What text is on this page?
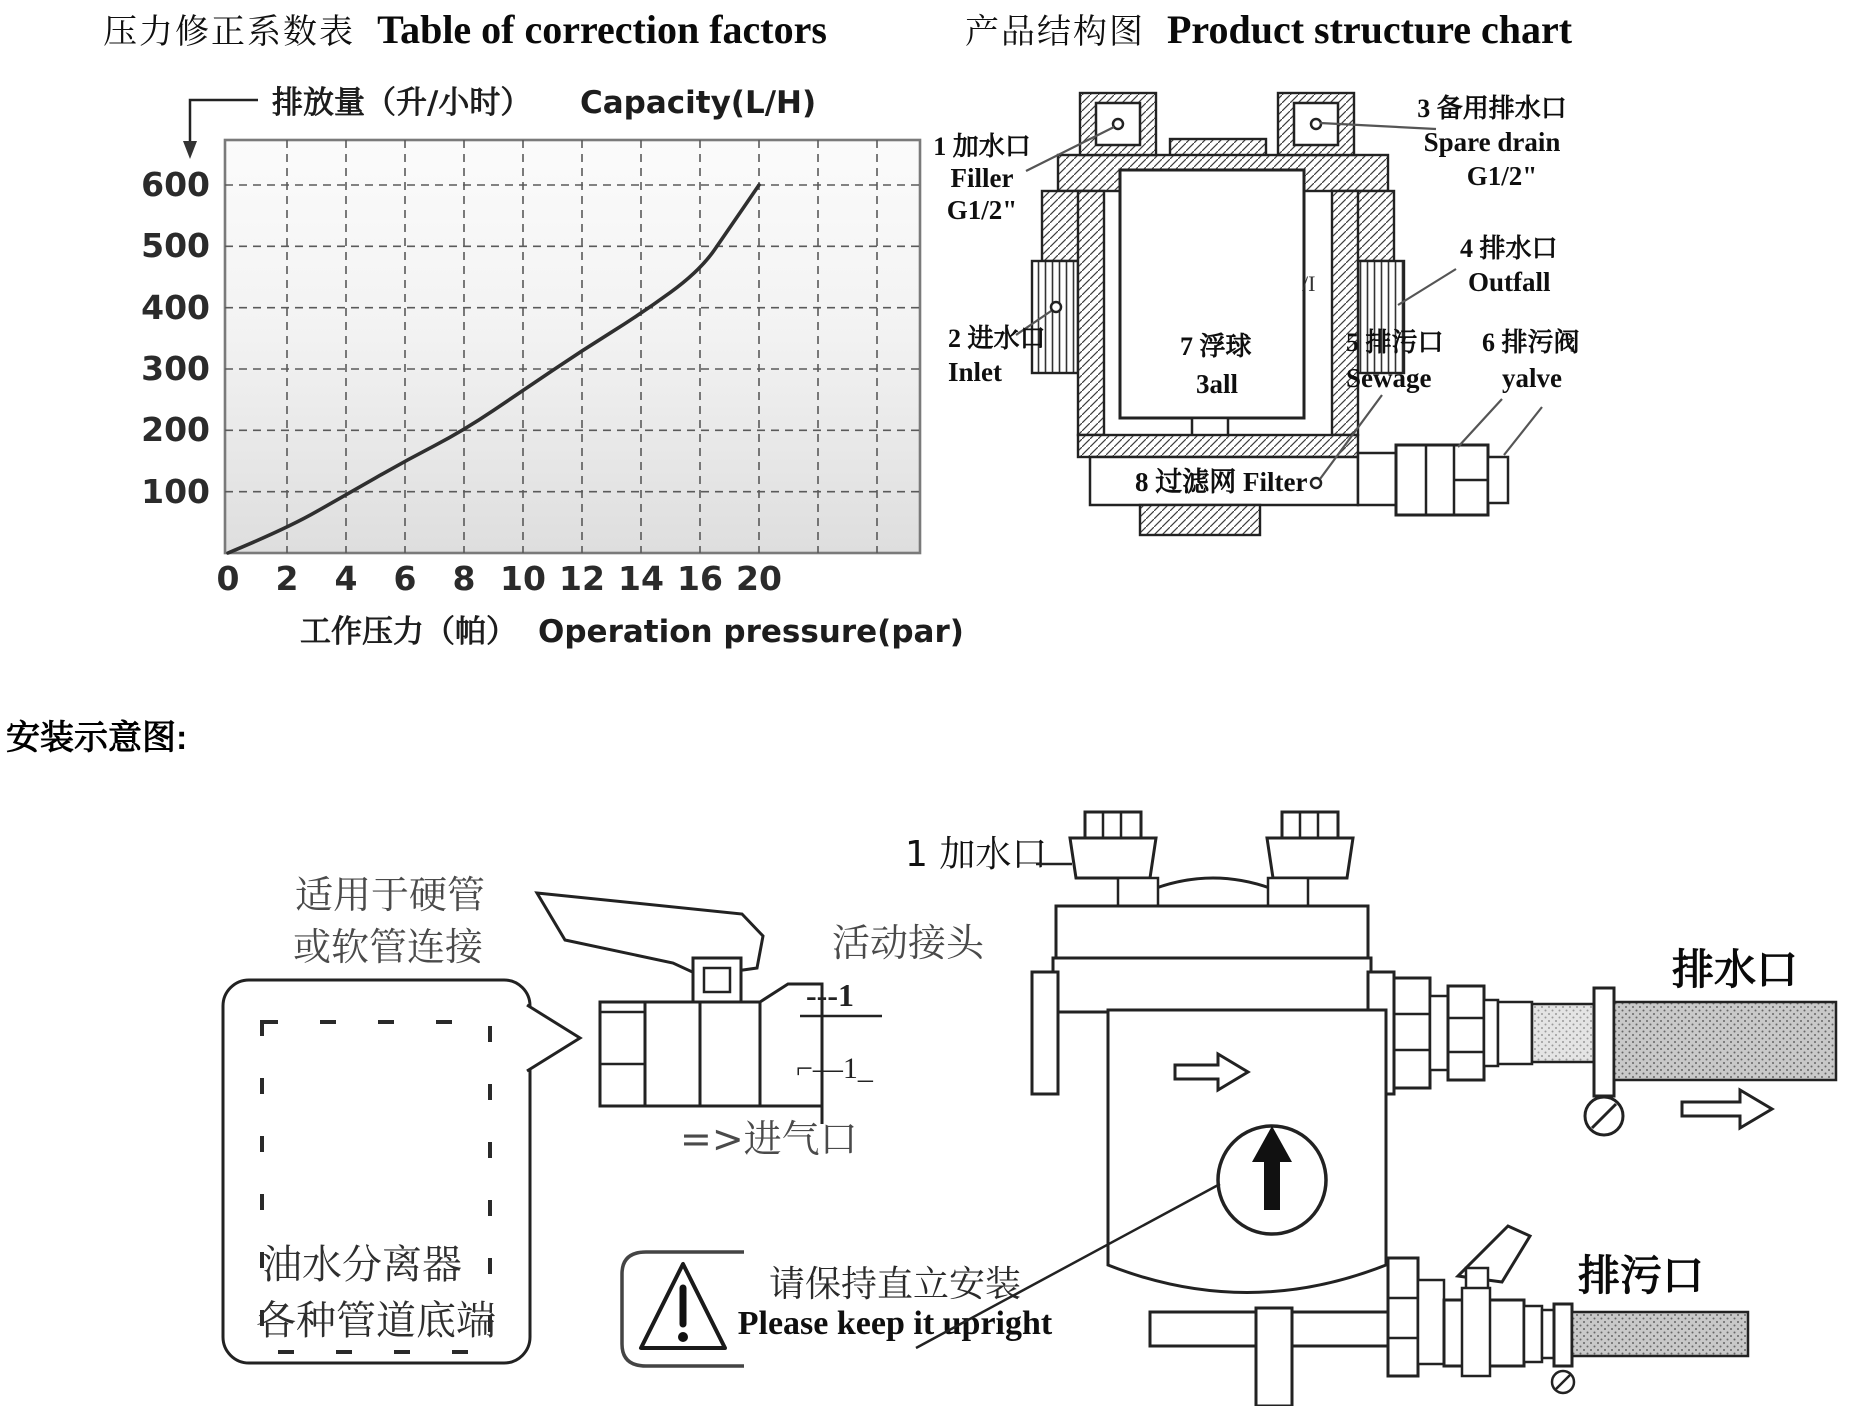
压力修正系数表 Table of correction factors
排放量（升/小时） Capacity(L/H)
600
500
400
300
200
100
0 2 4 6 8 10 12 14 16 20
工作压力（帕） Operation pressure(par)
产品结构图 Product structure chart
1 加水口
Filler
G1/2"
3 备用排水口
Spare drain
G1/2"
4 排水口
Outfall
2 进水口
Inlet
7 浮球
3all
5 排污口
Sewage
6 排污阀
yalve
8 过滤网 Filter
/I
安装示意图:
适用于硬管
或软管连接
油水分离器
各种管道底端
活动接头
---1
⌐—1_
=>进气口
请保持直立安装
Please keep it upright
1 加水口
排水口
排污口
